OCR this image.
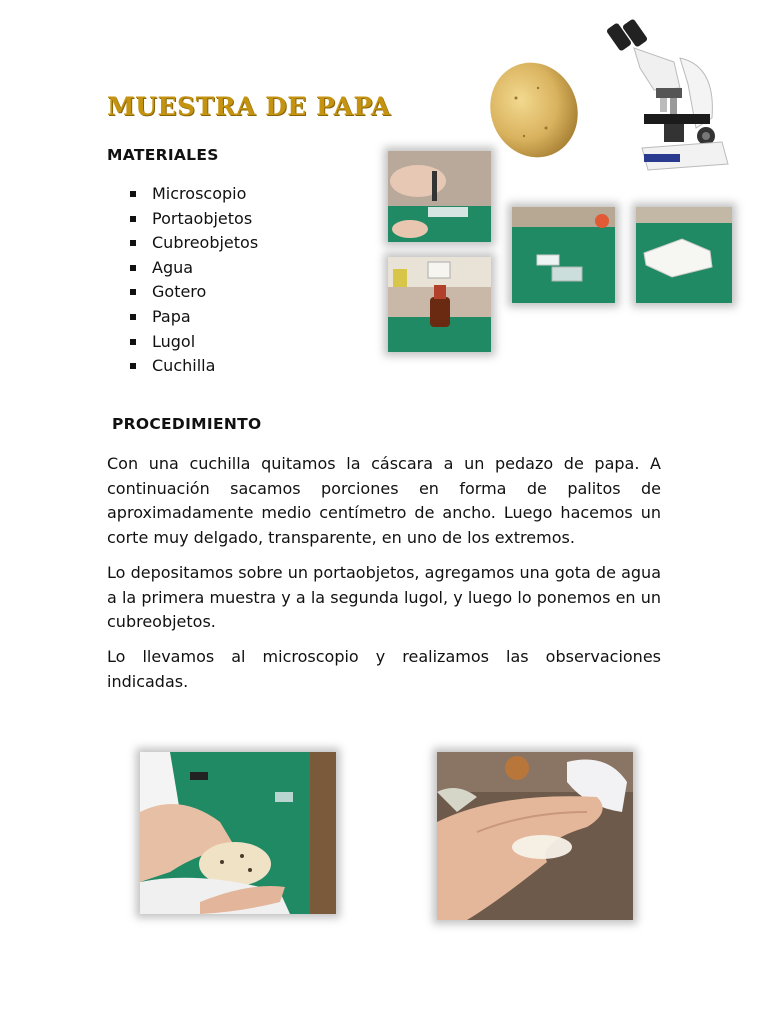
MUESTRA DE PAPA
MATERIALES
Microscopio
Portaobjetos
Cubreobjetos
Agua
Gotero
Papa
Lugol
Cuchilla
PROCEDIMIENTO

Con una cuchilla quitamos la cáscara a un pedazo de papa. A continuación sacamos porciones en forma de palitos de aproximadamente medio centímetro de ancho. Luego hacemos un corte muy delgado, transparente, en uno de los extremos.

Lo depositamos sobre un portaobjetos, agregamos una gota de agua a la primera muestra y a la segunda lugol, y luego lo ponemos en un cubreobjetos.

Lo llevamos al microscopio y realizamos las observaciones indicadas.
